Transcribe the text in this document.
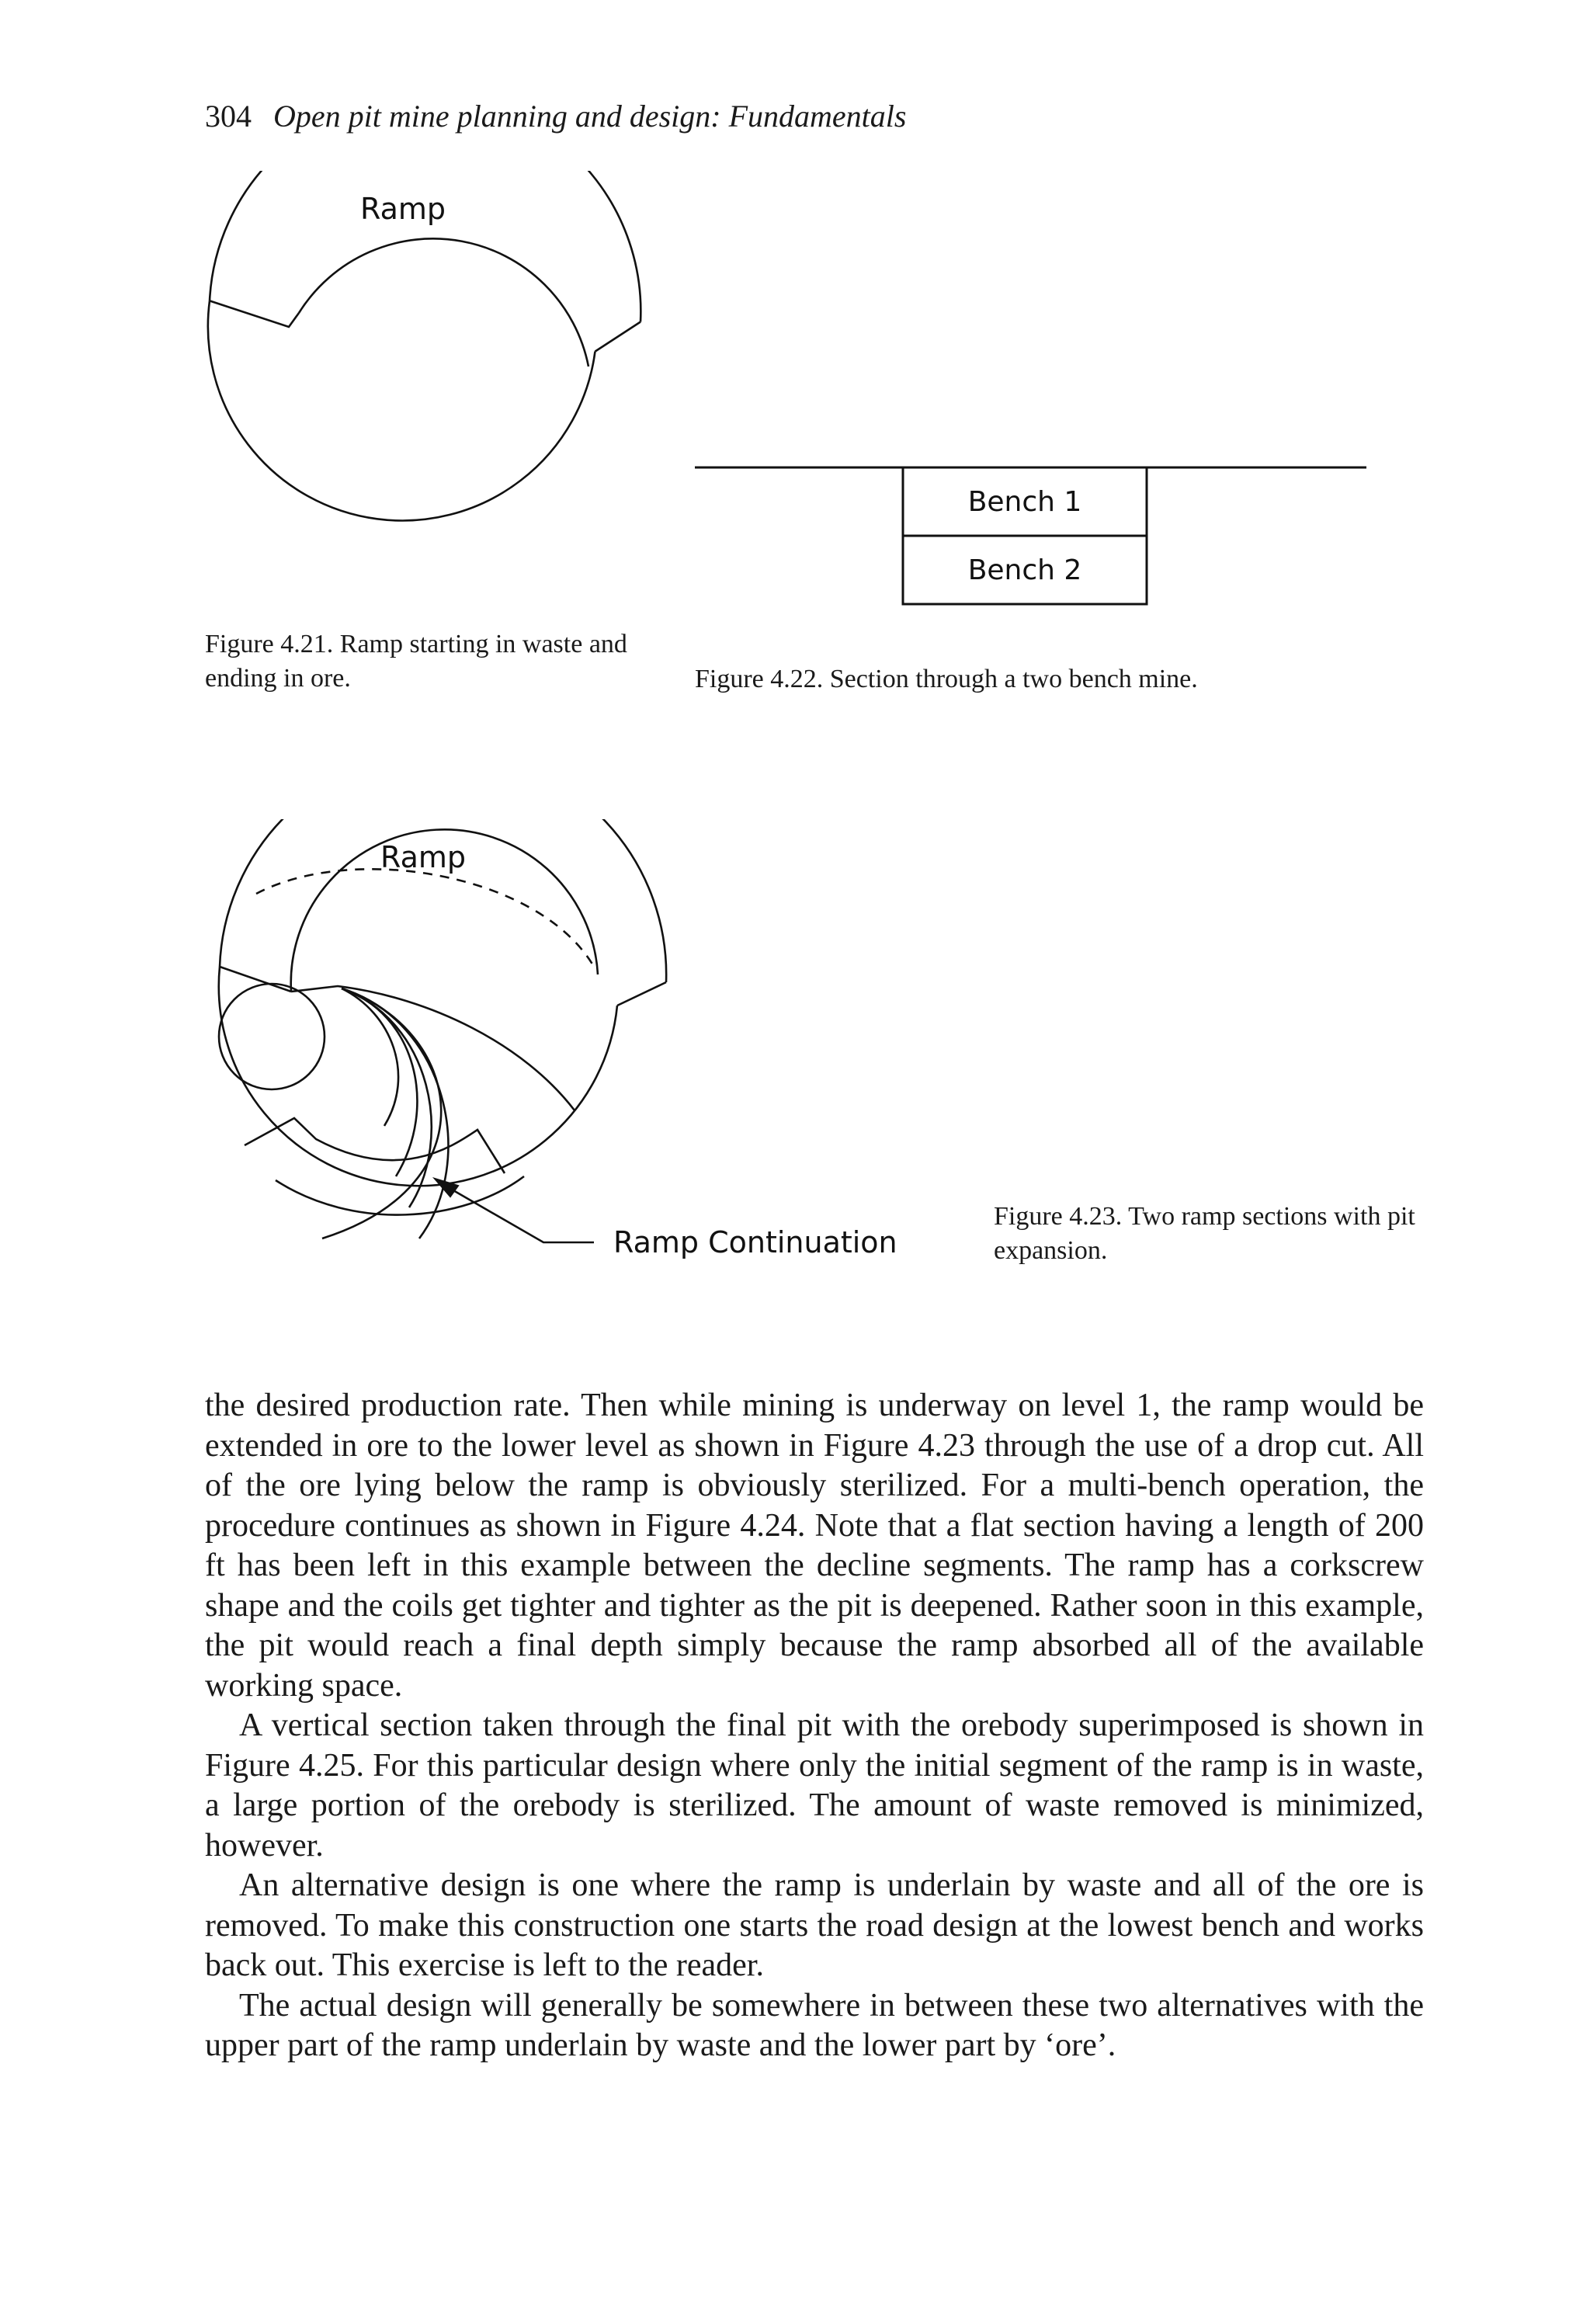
304 Open pit mine planning and design: Fundamentals
Ramp
Figure 4.21. Ramp starting in waste and ending in ore.
Bench 1
Bench 2
Figure 4.22. Section through a two bench mine.
Ramp
Ramp Continuation
Figure 4.23. Two ramp sections with pit expansion.

the desired production rate. Then while mining is underway on level 1, the ramp would be extended in ore to the lower level as shown in Figure 4.23 through the use of a drop cut. All of the ore lying below the ramp is obviously sterilized. For a multi-bench operation, the procedure continues as shown in Figure 4.24. Note that a flat section having a length of 200 ft has been left in this example between the decline segments. The ramp has a corkscrew shape and the coils get tighter and tighter as the pit is deepened. Rather soon in this example, the pit would reach a final depth simply because the ramp absorbed all of the available working space.

A vertical section taken through the final pit with the orebody superimposed is shown in Figure 4.25. For this particular design where only the initial segment of the ramp is in waste, a large portion of the orebody is sterilized. The amount of waste removed is minimized, however.

An alternative design is one where the ramp is underlain by waste and all of the ore is removed. To make this construction one starts the road design at the lowest bench and works back out. This exercise is left to the reader.

The actual design will generally be somewhere in between these two alternatives with the upper part of the ramp underlain by waste and the lower part by ‘ore’.
